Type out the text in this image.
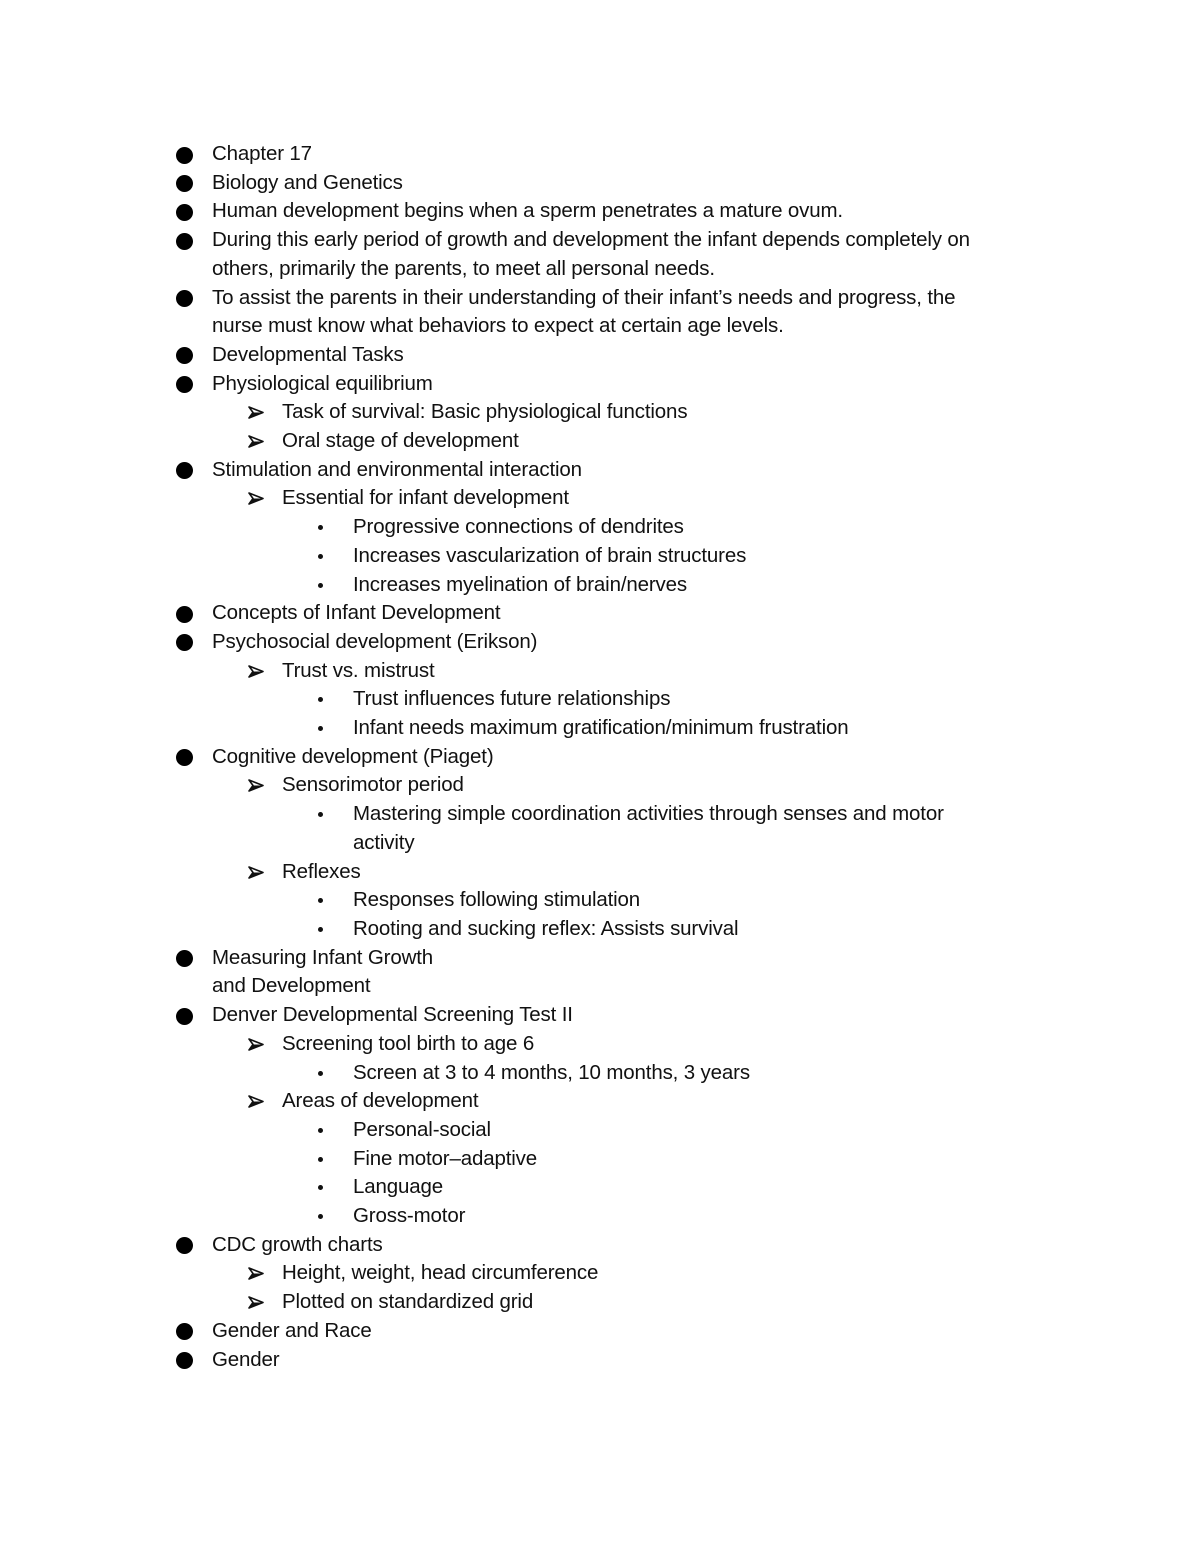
Chapter 17
Biology and Genetics
Human development begins when a sperm penetrates a mature ovum.
During this early period of growth and development the infant depends completely on
others, primarily the parents, to meet all personal needs.
To assist the parents in their understanding of their infant’s needs and progress, the
nurse must know what behaviors to expect at certain age levels.
Developmental Tasks
Physiological equilibrium
Task of survival: Basic physiological functions
Oral stage of development
Stimulation and environmental interaction
Essential for infant development
Progressive connections of dendrites
Increases vascularization of brain structures
Increases myelination of brain/nerves
Concepts of Infant Development
Psychosocial development (Erikson)
Trust vs. mistrust
Trust influences future relationships
Infant needs maximum gratification/minimum frustration
Cognitive development (Piaget)
Sensorimotor period
Mastering simple coordination activities through senses and motor
activity
Reflexes
Responses following stimulation
Rooting and sucking reflex: Assists survival
Measuring Infant Growth
and Development
Denver Developmental Screening Test II
Screening tool birth to age 6
Screen at 3 to 4 months, 10 months, 3 years
Areas of development
Personal-social
Fine motor–adaptive
Language
Gross-motor
CDC growth charts
Height, weight, head circumference
Plotted on standardized grid
Gender and Race
Gender
